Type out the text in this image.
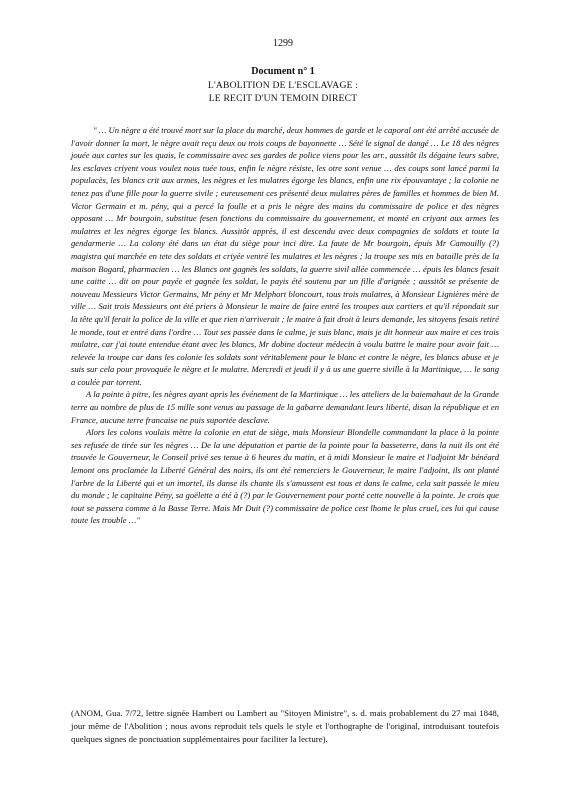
1299
Document n° 1
L'ABOLITION DE L'ESCLAVAGE :
LE RECIT D'UN TEMOIN DIRECT

" … Un nègre a été trouvé mort sur la place du marché, deux hommes de garde et le caporal ont été arrêté accusée de l'avoir donner la mort, le nègre avait reçu deux ou trois coups de bayonnette … Sété le signal de dangé … Le 18 des nègres jouée aux cartes sur les quais, le commissaire avec ses gardes de police viens pour les arr., aussitôt ils dégaine leurs sabre, les esclaves criyent vous voulez nous tuée tous, enfin le nègre résiste, les otre sont venue … des coups sont lancé parmi la populacès, les blancs crit aux armes, les nègres et les mulatres égorge les blancs, enfin une rix épouvantaye ; la colonie ne tenez pas d'une fille pour la guerre sivile ; eureusement ces présenté deux mulatres pères de familles et hommes de bien M. Victor Germain et m. pény, qui a percé la foulle et a pris le nègre des mains du commissaire de police et des nègres opposant … Mr bourgoin, substitue fesen fonctions du commissaire du gouvernement, et monté en criyant aux armes les mulatres et les nègres égorge les blancs. Aussitôt apprès, il est descendu avec deux compagnies de soldats et toute la gendarmerie … La colony été dans un état du siège pour inci dire. La faute de Mr bourgoin, épuis Mr Camouilly (?) magistra qui marchée en tete des soldats et criyée ventré les mulatres et les nègres ; la troupe ses mis en bataille près de la maison Bogard, pharmacien … les Blancs ont gagnés les soldats, la guerre sivil allée commencée … épuis les blancs fesait une caitte … dit on pour payée et gagnée les soldat, le payis été soutenu par un fille d'arignée ; aussitôt se présente de nouveau Messieurs Victor Germains, Mr pény et Mr Melphort bloncourt, tous trois mulatres, à Monsieur Lignières mère de ville … Sait trois Messieurs ont été priers à Monsieur le maire de faire entré les troupes aux cartiers et qu'il répondait sur la tête qu'il ferait la police de la ville et que rien n'arriverait ; le maire à fait droit à leurs demande, les sitoyens fesais retiré le monde, tout et entré dans l'ordre … Tout ses passée dans le calme, je suis blanc, mais je dit honneur aux maire et ces trois mulatre, car j'ai toute entendue étant avec les blancs, Mr dobine docteur médecin à voulu battre le maire pour avoir fait … relevée la troupe car dans les colonie les soldats sont véritablement pour le blanc et contre le nègre, les blancs abuse et je suis sur cela pour provoquée le nègre et le mulatre. Mercredi et jeudi il y à us une guerre siville à la Martinique, … le sang a coulée par torrent.

A la pointe à pitre, les nègres ayant apris les événement de la Martinique … les atteliers de la baiemahaut de la Grande terre au nombre de plus de 15 mille sont venus au passage de la gabarre demandant leurs liberté, disan la république et en France, aucune terre francaise ne puis suportée desclave.

Alors les colons voulais mètre la colonie en etat de siège, mais Monsieur Blondelle commandant la place à la pointe ses refusée de tirée sur les nègres … De la une députation et partie de la pointe pour la basseterre, dans la nuit ils ont été trouvée le Gouverneur, le Conseil privé ses tenue à 6 heures du matin, et à midi Monsieur le maire et l'adjoint Mr bénéard lemont ons proclamée la Liberté Général des noirs, ils ont été remerciers le Gouverneur, le maire l'adjoint, ils ont planté l'arbre de la Liberté qui et un imortel, ils danse ils chante ils s'amussent est tous et dans le calme, cela sait passée le mieu du monde ; le capitaine Pény, sa goëlette a été à (?) par le Gouvernement pour porté cette nouvelle à la pointe. Je crois que tout se passera comme à la Basse Terre. Mais Mr Duit (?) commissaire de police cest lhome le plus cruel, ces lui qui cause toute les trouble …"

(ANOM, Gua. 7/72, lettre signée Hambert ou Lambert au "Sitoyen Ministre", s. d. mais probablement du 27 mai 1848, jour même de l'Abolition ; nous avons reproduit tels quels le style et l'orthographe de l'original, introduisant toutefois quelques signes de ponctuation supplémentaires pour faciliter la lecture).
